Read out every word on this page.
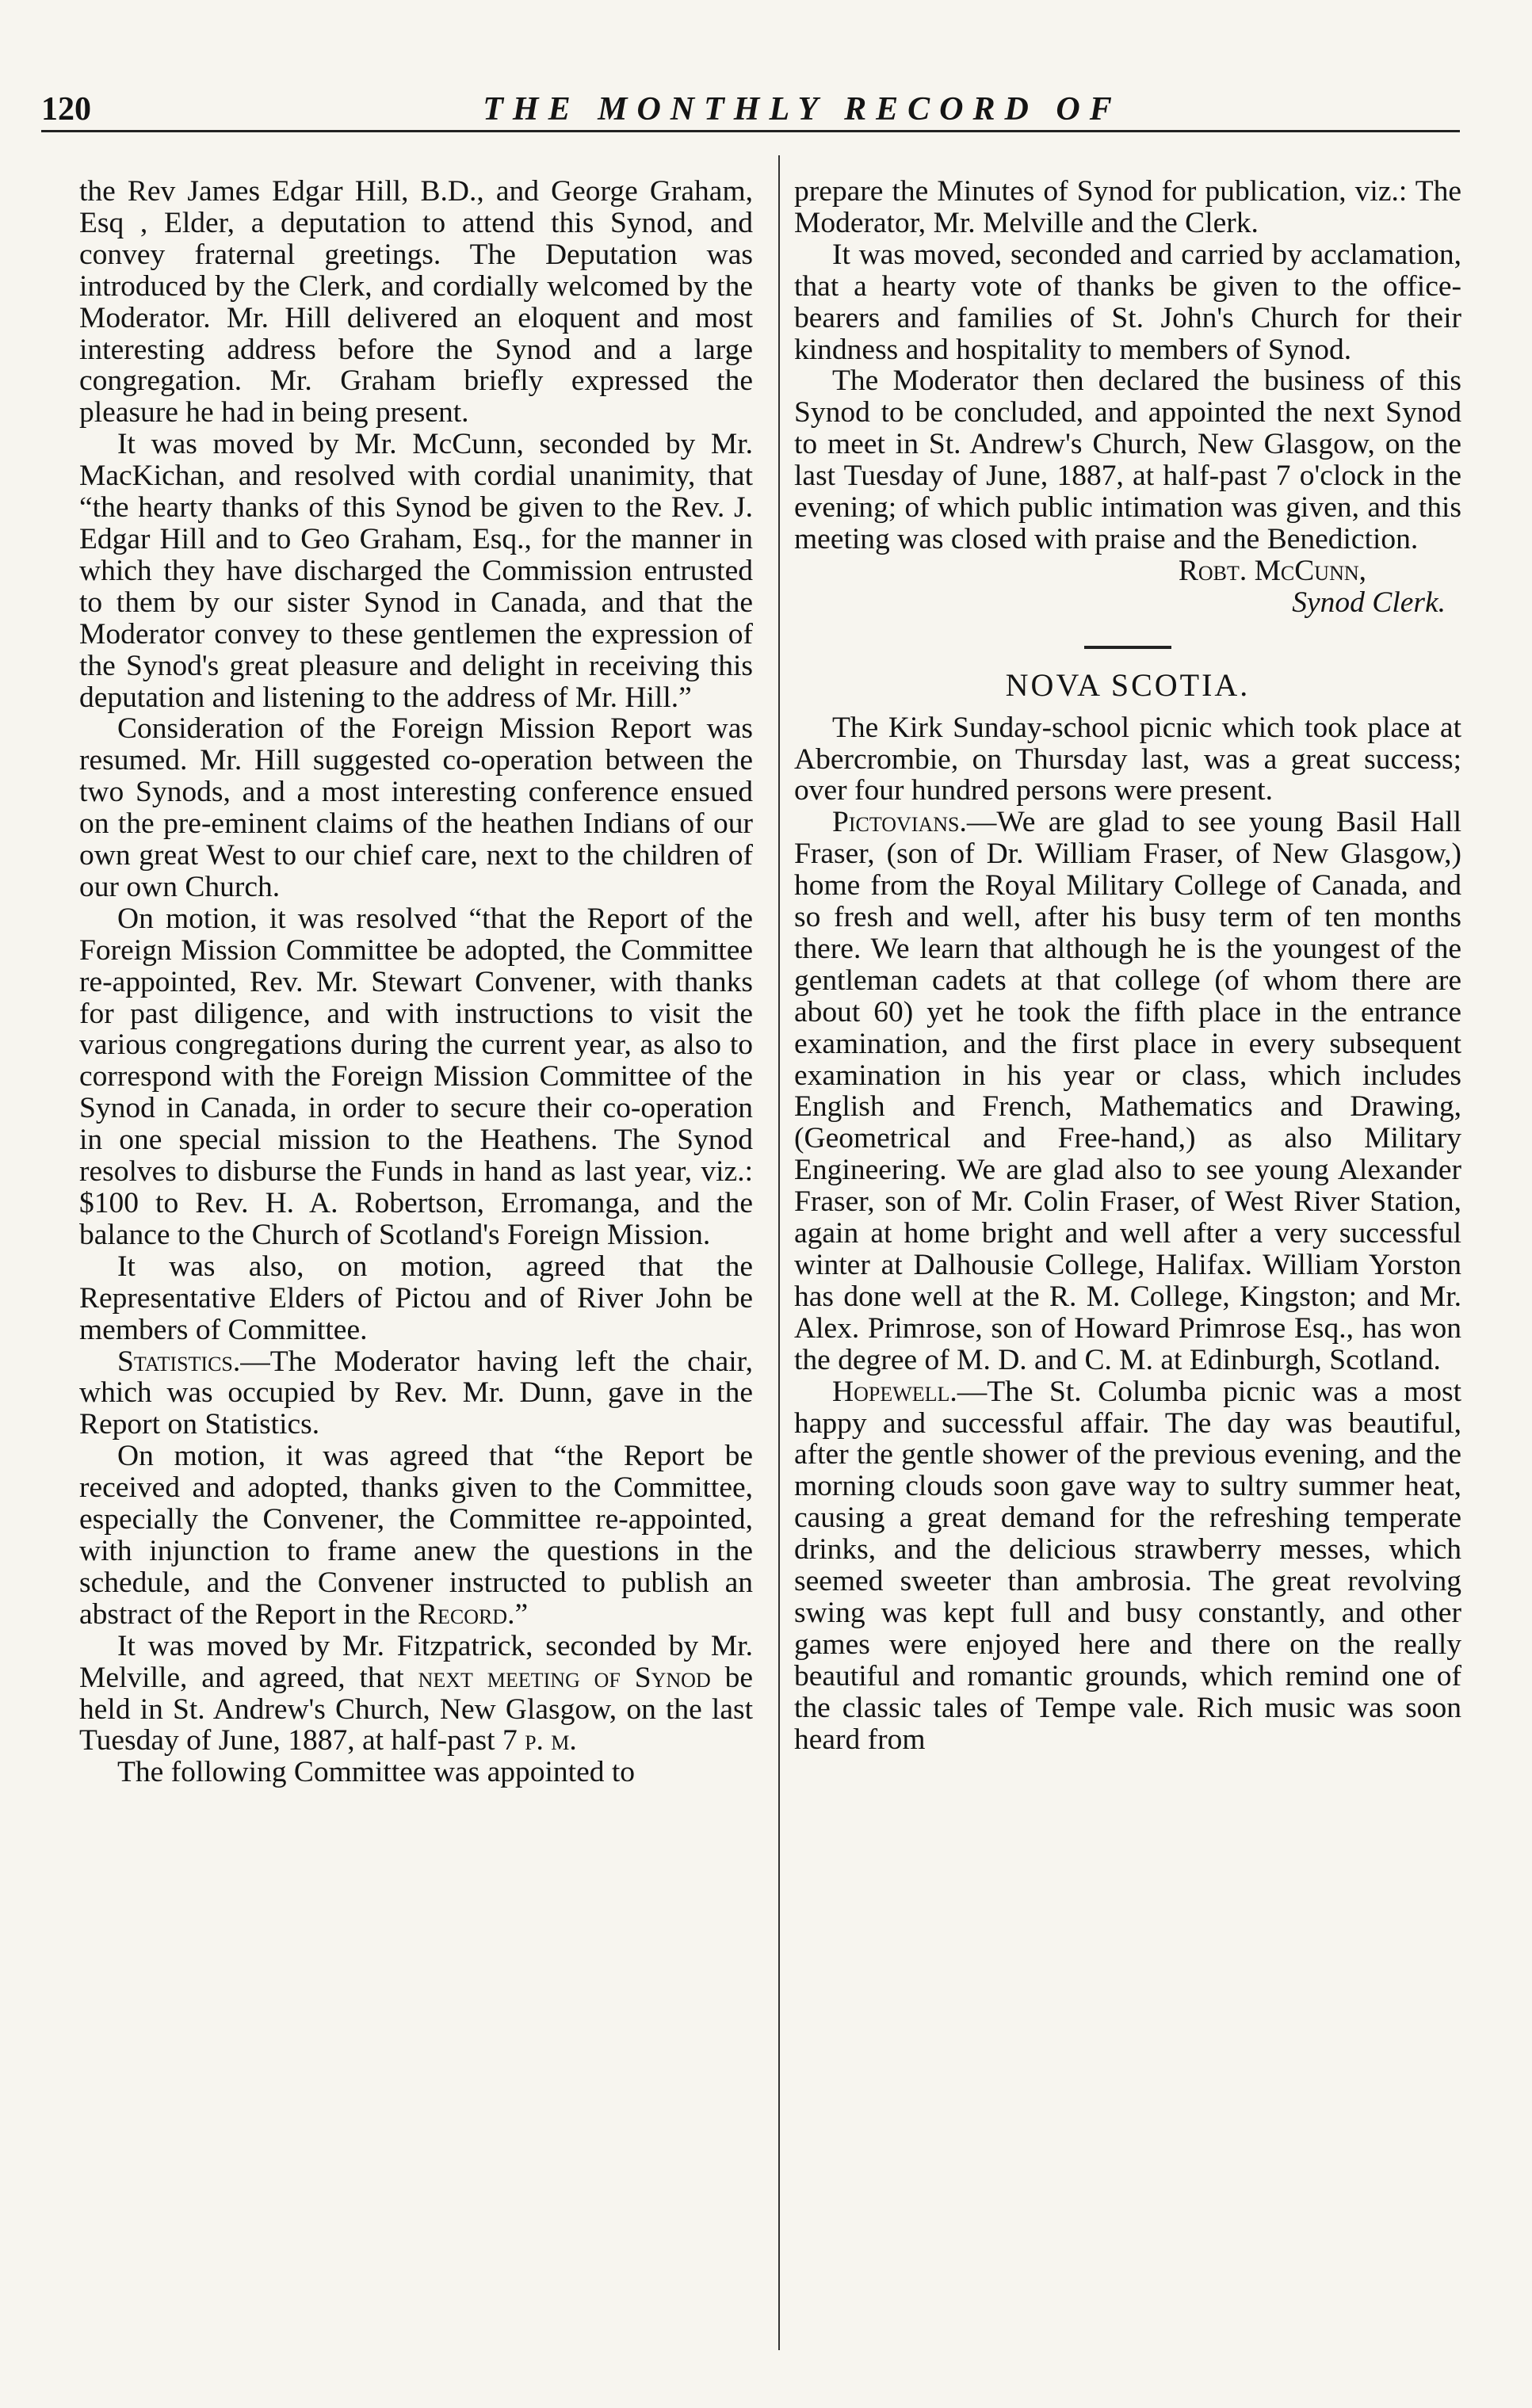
120	THE MONTHLY RECORD OF

the Rev James Edgar Hill, B.D., and George Graham, Esq , Elder, a deputation to attend this Synod, and convey fraternal greetings. The Deputation was introduced by the Clerk, and cordially welcomed by the Moderator. Mr. Hill delivered an eloquent and most interesting address before the Synod and a large congregation. Mr. Graham briefly expressed the pleasure he had in being present.

It was moved by Mr. McCunn, seconded by Mr. MacKichan, and resolved with cordial unanimity, that “the hearty thanks of this Synod be given to the Rev. J. Edgar Hill and to Geo Graham, Esq., for the manner in which they have discharged the Commission entrusted to them by our sister Synod in Canada, and that the Moderator convey to these gentlemen the expression of the Synod's great pleasure and delight in receiving this deputation and listening to the address of Mr. Hill.”

Consideration of the Foreign Mission Report was resumed. Mr. Hill suggested co-operation between the two Synods, and a most interesting conference ensued on the pre-eminent claims of the heathen Indians of our own great West to our chief care, next to the children of our own Church.

On motion, it was resolved “that the Report of the Foreign Mission Committee be adopted, the Committee re-appointed, Rev. Mr. Stewart Convener, with thanks for past diligence, and with instructions to visit the various congregations during the current year, as also to correspond with the Foreign Mission Committee of the Synod in Canada, in order to secure their co-operation in one special mission to the Heathens. The Synod resolves to disburse the Funds in hand as last year, viz.: $100 to Rev. H. A. Robertson, Erromanga, and the balance to the Church of Scotland's Foreign Mission.

It was also, on motion, agreed that the Representative Elders of Pictou and of River John be members of Committee.

Statistics.—The Moderator having left the chair, which was occupied by Rev. Mr. Dunn, gave in the Report on Statistics.

On motion, it was agreed that “the Report be received and adopted, thanks given to the Committee, especially the Convener, the Committee re-appointed, with injunction to frame anew the questions in the schedule, and the Convener instructed to publish an abstract of the Report in the Record.”

It was moved by Mr. Fitzpatrick, seconded by Mr. Melville, and agreed, that next meeting of Synod be held in St. Andrew's Church, New Glasgow, on the last Tuesday of June, 1887, at half-past 7 p. m.

The following Committee was appointed to

prepare the Minutes of Synod for publication, viz.: The Moderator, Mr. Melville and the Clerk.

It was moved, seconded and carried by acclamation, that a hearty vote of thanks be given to the office-bearers and families of St. John's Church for their kindness and hospitality to members of Synod.

The Moderator then declared the business of this Synod to be concluded, and appointed the next Synod to meet in St. Andrew's Church, New Glasgow, on the last Tuesday of June, 1887, at half-past 7 o'clock in the evening; of which public intimation was given, and this meeting was closed with praise and the Benediction.

Robt. McCunn,
Synod Clerk.
NOVA SCOTIA.

The Kirk Sunday-school picnic which took place at Abercrombie, on Thursday last, was a great success; over four hundred persons were present.

Pictovians.—We are glad to see young Basil Hall Fraser, (son of Dr. William Fraser, of New Glasgow,) home from the Royal Military College of Canada, and so fresh and well, after his busy term of ten months there. We learn that although he is the youngest of the gentleman cadets at that college (of whom there are about 60) yet he took the fifth place in the entrance examination, and the first place in every subsequent examination in his year or class, which includes English and French, Mathematics and Drawing, (Geometrical and Free-hand,) as also Military Engineering. We are glad also to see young Alexander Fraser, son of Mr. Colin Fraser, of West River Station, again at home bright and well after a very successful winter at Dalhousie College, Halifax. William Yorston has done well at the R. M. College, Kingston; and Mr. Alex. Primrose, son of Howard Primrose Esq., has won the degree of M. D. and C. M. at Edinburgh, Scotland.

Hopewell.—The St. Columba picnic was a most happy and successful affair. The day was beautiful, after the gentle shower of the previous evening, and the morning clouds soon gave way to sultry summer heat, causing a great demand for the refreshing temperate drinks, and the delicious strawberry messes, which seemed sweeter than ambrosia. The great revolving swing was kept full and busy constantly, and other games were enjoyed here and there on the really beautiful and romantic grounds, which remind one of the classic tales of Tempe vale. Rich music was soon heard from
